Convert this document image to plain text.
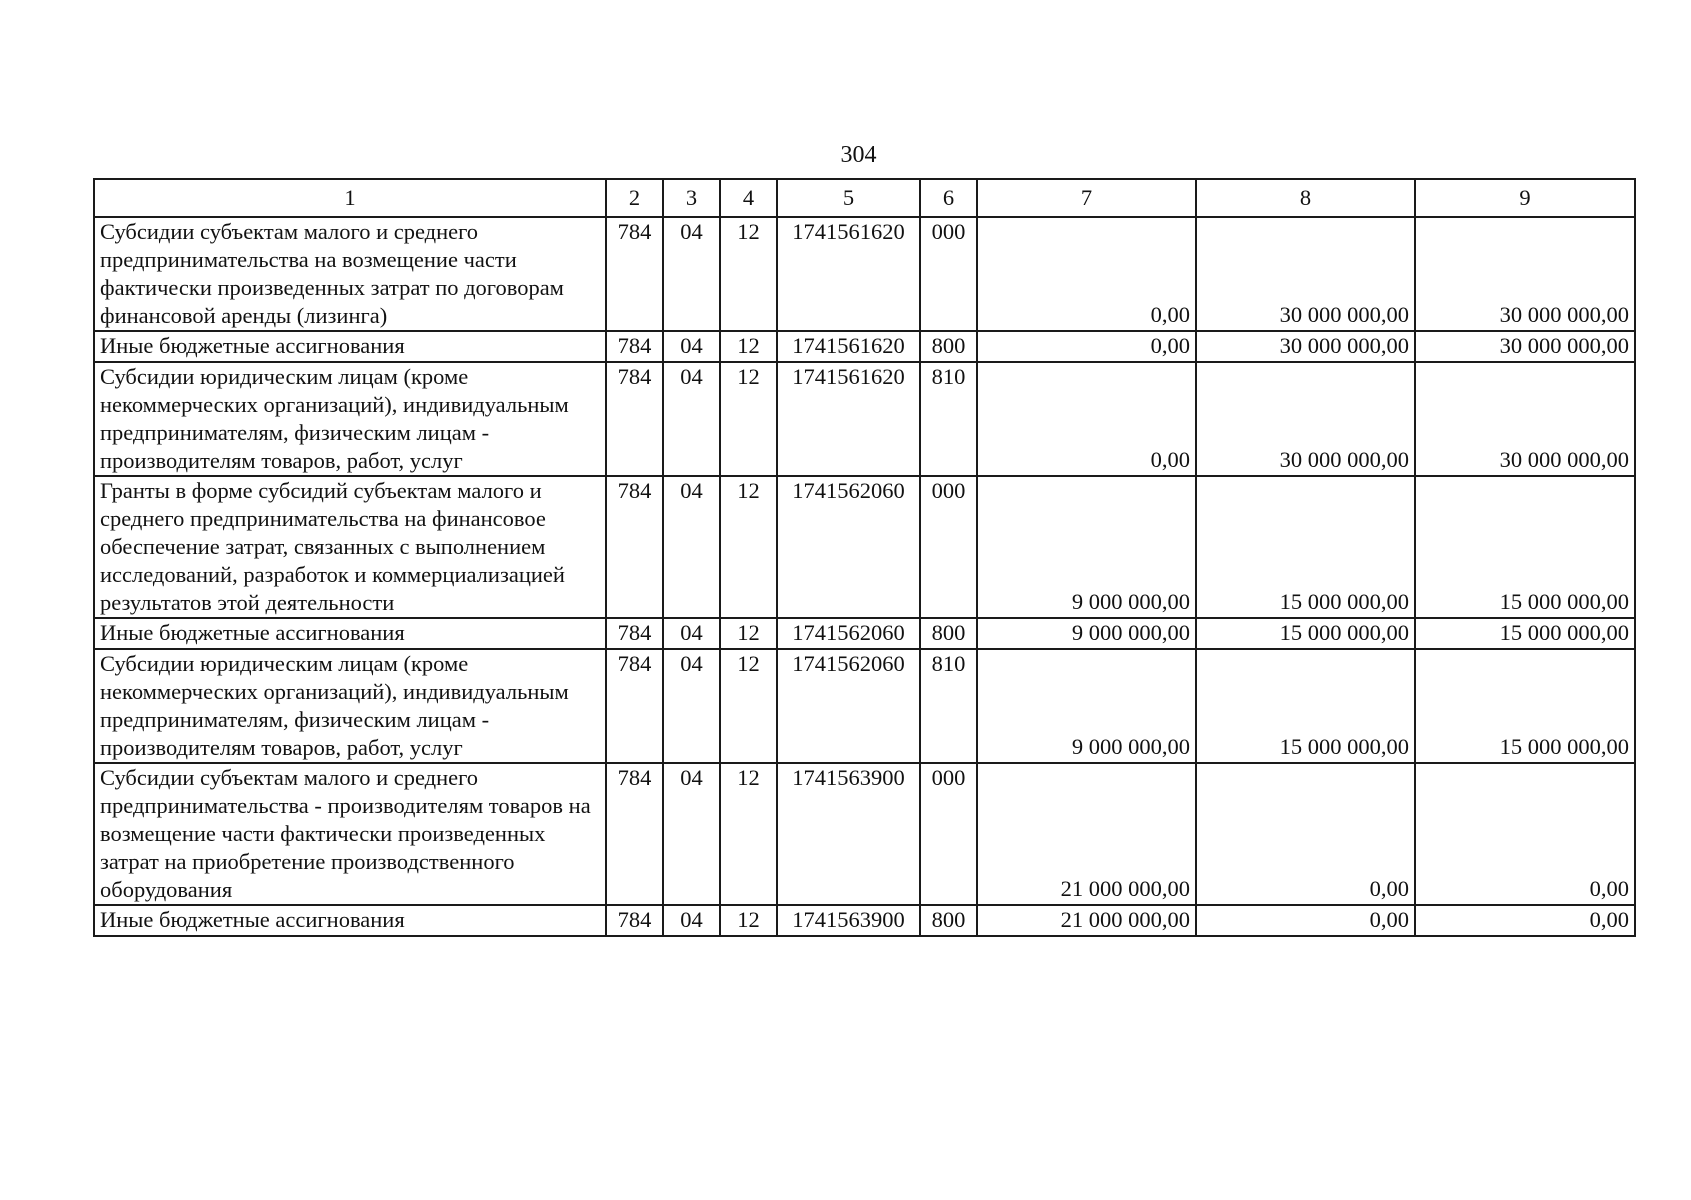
304
1	2	3	4	5	6	7	8	9
Субсидии субъектам малого и среднего предпринимательства на возмещение части фактически произведенных затрат по договорам финансовой аренды (лизинга)	784	04	12	1741561620	000	0,00	30 000 000,00	30 000 000,00
Иные бюджетные ассигнования	784	04	12	1741561620	800	0,00	30 000 000,00	30 000 000,00
Субсидии юридическим лицам (кроме некоммерческих организаций), индивидуальным предпринимателям, физическим лицам - производителям товаров, работ, услуг	784	04	12	1741561620	810	0,00	30 000 000,00	30 000 000,00
Гранты в форме субсидий субъектам малого и среднего предпринимательства на финансовое обеспечение затрат, связанных с выполнением исследований, разработок и коммерциализацией результатов этой деятельности	784	04	12	1741562060	000	9 000 000,00	15 000 000,00	15 000 000,00
Иные бюджетные ассигнования	784	04	12	1741562060	800	9 000 000,00	15 000 000,00	15 000 000,00
Субсидии юридическим лицам (кроме некоммерческих организаций), индивидуальным предпринимателям, физическим лицам - производителям товаров, работ, услуг	784	04	12	1741562060	810	9 000 000,00	15 000 000,00	15 000 000,00
Субсидии субъектам малого и среднего предпринимательства - производителям товаров на возмещение части фактически произведенных затрат на приобретение производственного оборудования	784	04	12	1741563900	000	21 000 000,00	0,00	0,00
Иные бюджетные ассигнования	784	04	12	1741563900	800	21 000 000,00	0,00	0,00
